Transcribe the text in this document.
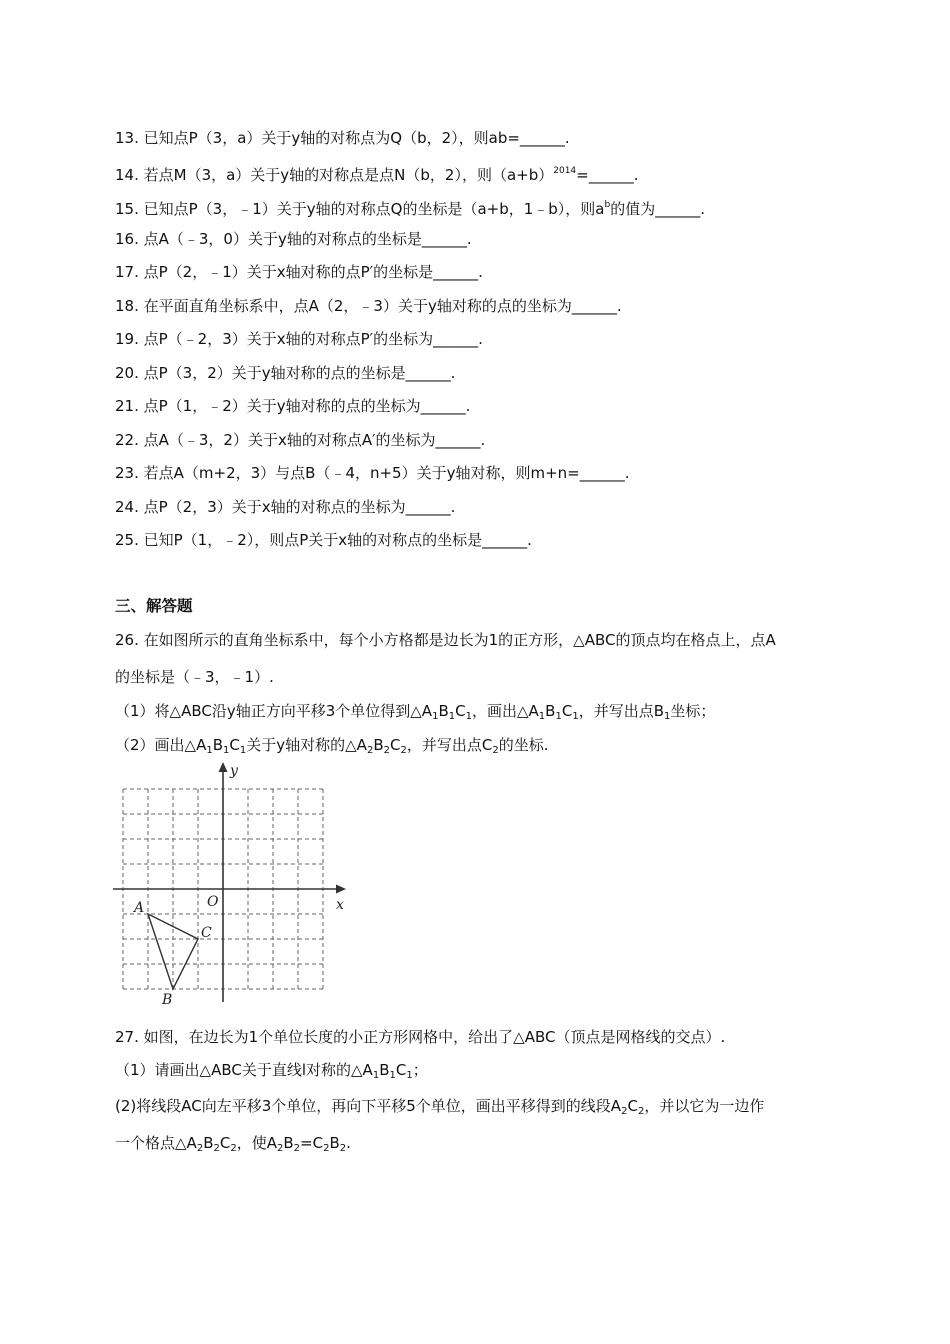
13. 已知点P（3，a）关于y轴的对称点为Q（b，2），则ab=______.
14. 若点M（3，a）关于y轴的对称点是点N（b，2），则$(a+b)^{2014}=\_\_\_\_\_\_$.
15. 已知点P（3，﹣1）关于y轴的对称点Q的坐标是（a+b，1﹣b），则$a^b$的值为______.
16. 点A（﹣3，0）关于y轴的对称点的坐标是______.
17. 点P（2，﹣1）关于x轴对称的点P′的坐标是______.
18. 在平面直角坐标系中，点A（2，﹣3）关于y轴对称的点的坐标为______.
19. 点P（﹣2，3）关于x轴的对称点P′的坐标为______.
20. 点P（3，2）关于y轴对称的点的坐标是______.
21. 点P（1，﹣2）关于y轴对称的点的坐标为______.
22. 点A（﹣3，2）关于x轴的对称点A′的坐标为______.
23. 若点A（m+2，3）与点B（﹣4，n+5）关于y轴对称，则m+n=______.
24. 点P（2，3）关于x轴的对称点的坐标为______.
25. 已知P（1，﹣2），则点P关于x轴的对称点的坐标是______.
三、解答题
26. 在如图所示的直角坐标系中，每个小方格都是边长为1的正方形，△ABC的顶点均在格点上，点A
的坐标是（﹣3，﹣1）.
（1）将△ABC沿y轴正方向平移3个单位得到$\triangle A_1B_1C_1$，画出$\triangle A_1B_1C_1$，并写出点$B_1$坐标；
（2）画出$\triangle A_1B_1C_1$关于y轴对称的$\triangle A_2B_2C_2$，并写出点$C_2$的坐标.
y
x
O
A
B
C
27. 如图，在边长为1个单位长度的小正方形网格中，给出了△ABC（顶点是网格线的交点）.
（1）请画出△ABC关于直线l对称的$\triangle A_1B_1C_1$；
(2)将线段AC向左平移3个单位，再向下平移5个单位，画出平移得到的线段$A_2C_2$，并以它为一边作
一个格点$\triangle A_2B_2C_2$，使$A_2B_2=C_2B_2$.
